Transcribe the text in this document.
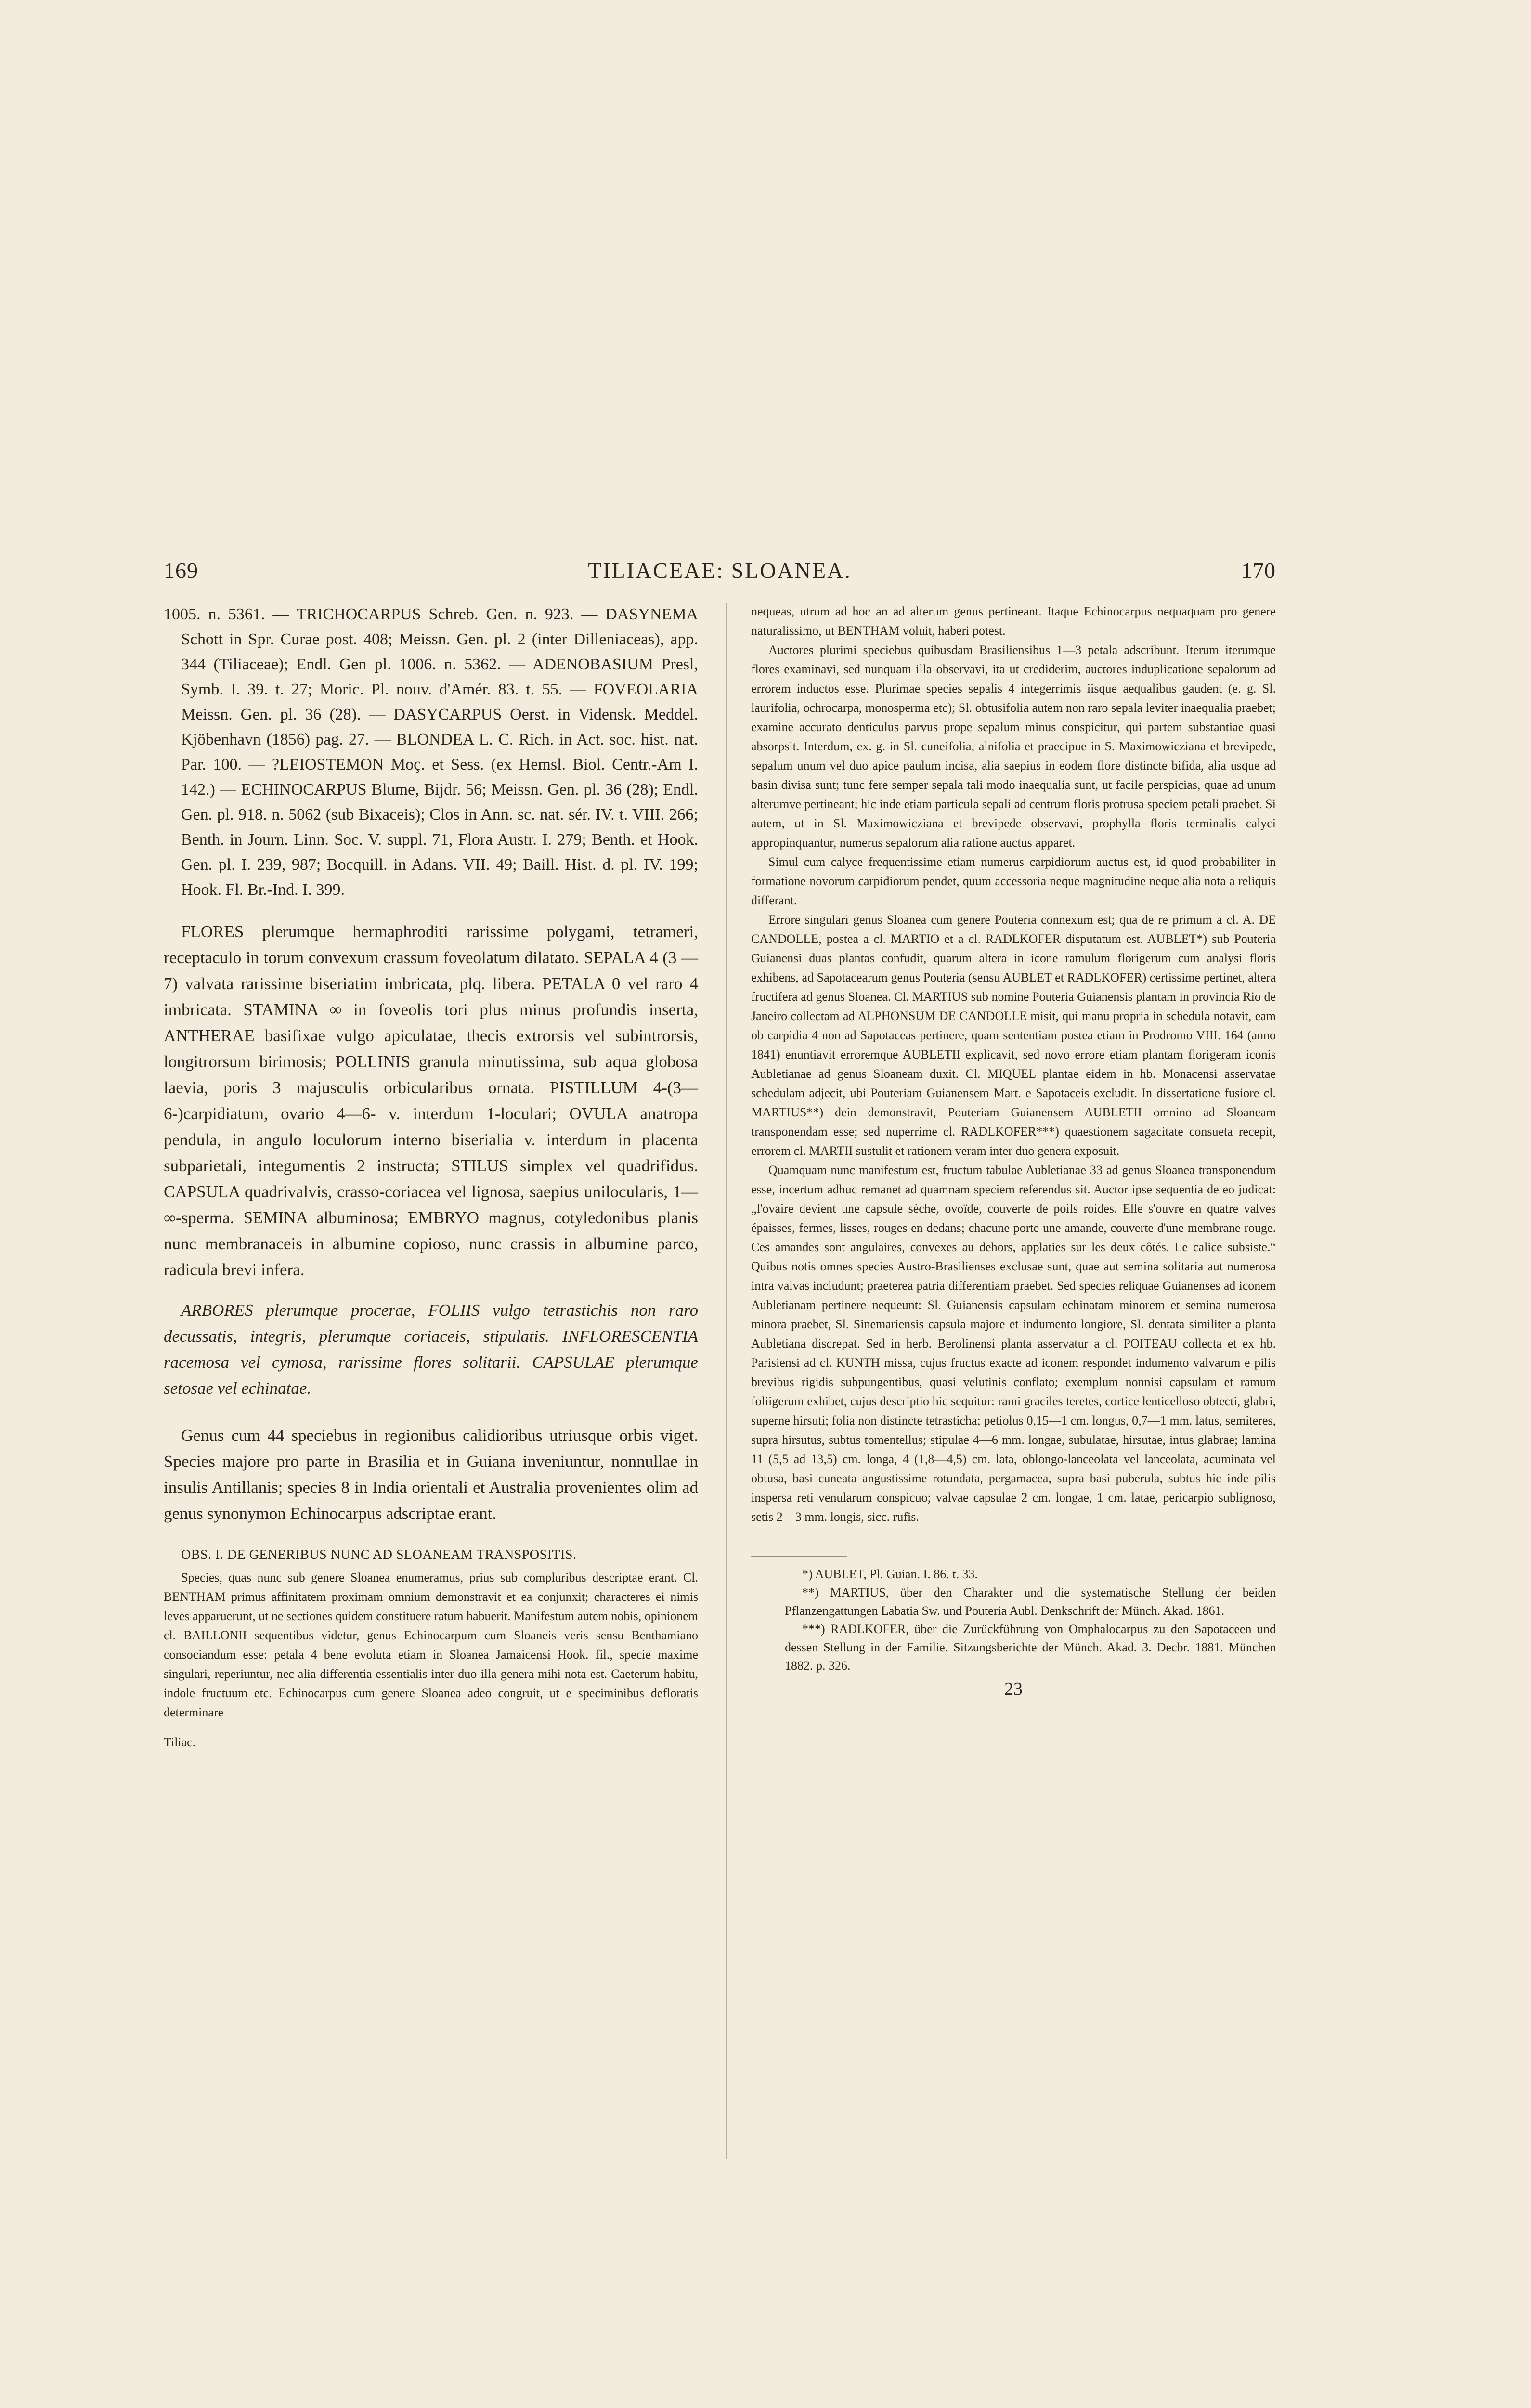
169	TILIACEAE: SLOANEA.	170

1005. n. 5361. — TRICHOCARPUS Schreb. Gen. n. 923. — DASYNEMA Schott in Spr. Curae post. 408; Meissn. Gen. pl. 2 (inter Dilleniaceas), app. 344 (Tiliaceae); Endl. Gen pl. 1006. n. 5362. — ADENOBASIUM Presl, Symb. I. 39. t. 27; Moric. Pl. nouv. d'Amér. 83. t. 55. — FOVEOLARIA Meissn. Gen. pl. 36 (28). — DASYCARPUS Oerst. in Vidensk. Meddel. Kjöbenhavn (1856) pag. 27. — BLONDEA L. C. Rich. in Act. soc. hist. nat. Par. 100. — ?LEIOSTEMON Moç. et Sess. (ex Hemsl. Biol. Centr.-Am I. 142.) — ECHINOCARPUS Blume, Bijdr. 56; Meissn. Gen. pl. 36 (28); Endl. Gen. pl. 918. n. 5062 (sub Bixaceis); Clos in Ann. sc. nat. sér. IV. t. VIII. 266; Benth. in Journ. Linn. Soc. V. suppl. 71, Flora Austr. I. 279; Benth. et Hook. Gen. pl. I. 239, 987; Bocquill. in Adans. VII. 49; Baill. Hist. d. pl. IV. 199; Hook. Fl. Br.-Ind. I. 399.

FLORES plerumque hermaphroditi rarissime polygami, tetrameri, receptaculo in torum convexum crassum foveolatum dilatato. SEPALA 4 (3 — 7) valvata rarissime biseriatim imbricata, plq. libera. PETALA 0 vel raro 4 imbricata. STAMINA ∞ in foveolis tori plus minus profundis inserta, ANTHERAE basifixae vulgo apiculatae, thecis extrorsis vel subintrorsis, longitrorsum birimosis; POLLINIS granula minutissima, sub aqua globosa laevia, poris 3 majusculis orbicularibus ornata. PISTILLUM 4-(3—6-)carpidiatum, ovario 4—6- v. interdum 1-loculari; OVULA anatropa pendula, in angulo loculorum interno biserialia v. interdum in placenta subparietali, integumentis 2 instructa; STILUS simplex vel quadrifidus. CAPSULA quadrivalvis, crasso-coriacea vel lignosa, saepius unilocularis, 1—∞-sperma. SEMINA albuminosa; EMBRYO magnus, cotyledonibus planis nunc membranaceis in albumine copioso, nunc crassis in albumine parco, radicula brevi infera.

ARBORES plerumque procerae, FOLIIS vulgo tetrastichis non raro decussatis, integris, plerumque coriaceis, stipulatis. INFLORESCENTIA racemosa vel cymosa, rarissime flores solitarii. CAPSULAE plerumque setosae vel echinatae.

Genus cum 44 speciebus in regionibus calidioribus utriusque orbis viget. Species majore pro parte in Brasilia et in Guiana inveniuntur, nonnullae in insulis Antillanis; species 8 in India orientali et Australia provenientes olim ad genus synonymon Echinocarpus adscriptae erant.

OBS. I. DE GENERIBUS NUNC AD SLOANEAM TRANSPOSITIS.

Species, quas nunc sub genere Sloanea enumeramus, prius sub compluribus descriptae erant. Cl. BENTHAM primus affinitatem proximam omnium demonstravit et ea conjunxit; characteres ei nimis leves apparuerunt, ut ne sectiones quidem constituere ratum habuerit. Manifestum autem nobis, opinionem cl. BAILLONII sequentibus videtur, genus Echinocarpum cum Sloaneis veris sensu Benthamiano consociandum esse: petala 4 bene evoluta etiam in Sloanea Jamaicensi Hook. fil., specie maxime singulari, reperiuntur, nec alia differentia essentialis inter duo illa genera mihi nota est. Caeterum habitu, indole fructuum etc. Echinocarpus cum genere Sloanea adeo congruit, ut e speciminibus defloratis determinare

Tiliac.

nequeas, utrum ad hoc an ad alterum genus pertineant. Itaque Echinocarpus nequaquam pro genere naturalissimo, ut BENTHAM voluit, haberi potest.

Auctores plurimi speciebus quibusdam Brasiliensibus 1—3 petala adscribunt. Iterum iterumque flores examinavi, sed nunquam illa observavi, ita ut crediderim, auctores induplicatione sepalorum ad errorem inductos esse. Plurimae species sepalis 4 integerrimis iisque aequalibus gaudent (e. g. Sl. laurifolia, ochrocarpa, monosperma etc); Sl. obtusifolia autem non raro sepala leviter inaequalia praebet; examine accurato denticulus parvus prope sepalum minus conspicitur, qui partem substantiae quasi absorpsit. Interdum, ex. g. in Sl. cuneifolia, alnifolia et praecipue in S. Maximowicziana et brevipede, sepalum unum vel duo apice paulum incisa, alia saepius in eodem flore distincte bifida, alia usque ad basin divisa sunt; tunc fere semper sepala tali modo inaequalia sunt, ut facile perspicias, quae ad unum alterumve pertineant; hic inde etiam particula sepali ad centrum floris protrusa speciem petali praebet. Si autem, ut in Sl. Maximowicziana et brevipede observavi, prophylla floris terminalis calyci appropinquantur, numerus sepalorum alia ratione auctus apparet.

Simul cum calyce frequentissime etiam numerus carpidiorum auctus est, id quod probabiliter in formatione novorum carpidiorum pendet, quum accessoria neque magnitudine neque alia nota a reliquis differant.

Errore singulari genus Sloanea cum genere Pouteria connexum est; qua de re primum a cl. A. DE CANDOLLE, postea a cl. MARTIO et a cl. RADLKOFER disputatum est. AUBLET*) sub Pouteria Guianensi duas plantas confudit, quarum altera in icone ramulum florigerum cum analysi floris exhibens, ad Sapotacearum genus Pouteria (sensu AUBLET et RADLKOFER) certissime pertinet, altera fructifera ad genus Sloanea. Cl. MARTIUS sub nomine Pouteria Guianensis plantam in provincia Rio de Janeiro collectam ad ALPHONSUM DE CANDOLLE misit, qui manu propria in schedula notavit, eam ob carpidia 4 non ad Sapotaceas pertinere, quam sententiam postea etiam in Prodromo VIII. 164 (anno 1841) enuntiavit erroremque AUBLETII explicavit, sed novo errore etiam plantam florigeram iconis Aubletianae ad genus Sloaneam duxit. Cl. MIQUEL plantae eidem in hb. Monacensi asservatae schedulam adjecit, ubi Pouteriam Guianensem Mart. e Sapotaceis excludit. In dissertatione fusiore cl. MARTIUS**) dein demonstravit, Pouteriam Guianensem AUBLETII omnino ad Sloaneam transponendam esse; sed nuperrime cl. RADLKOFER***) quaestionem sagacitate consueta recepit, errorem cl. MARTII sustulit et rationem veram inter duo genera exposuit.

Quamquam nunc manifestum est, fructum tabulae Aubletianae 33 ad genus Sloanea transponendum esse, incertum adhuc remanet ad quamnam speciem referendus sit. Auctor ipse sequentia de eo judicat: „l'ovaire devient une capsule sèche, ovoïde, couverte de poils roides. Elle s'ouvre en quatre valves épaisses, fermes, lisses, rouges en dedans; chacune porte une amande, couverte d'une membrane rouge. Ces amandes sont angulaires, convexes au dehors, applaties sur les deux côtés. Le calice subsiste.“ Quibus notis omnes species Austro-Brasilienses exclusae sunt, quae aut semina solitaria aut numerosa intra valvas includunt; praeterea patria differentiam praebet. Sed species reliquae Guianenses ad iconem Aubletianam pertinere nequeunt: Sl. Guianensis capsulam echinatam minorem et semina numerosa minora praebet, Sl. Sinemariensis capsula majore et indumento longiore, Sl. dentata similiter a planta Aubletiana discrepat. Sed in herb. Berolinensi planta asservatur a cl. POITEAU collecta et ex hb. Parisiensi ad cl. KUNTH missa, cujus fructus exacte ad iconem respondet indumento valvarum e pilis brevibus rigidis subpungentibus, quasi velutinis conflato; exemplum nonnisi capsulam et ramum foliigerum exhibet, cujus descriptio hic sequitur: rami graciles teretes, cortice lenticelloso obtecti, glabri, superne hirsuti; folia non distincte tetrasticha; petiolus 0,15—1 cm. longus, 0,7—1 mm. latus, semiteres, supra hirsutus, subtus tomentellus; stipulae 4—6 mm. longae, subulatae, hirsutae, intus glabrae; lamina 11 (5,5 ad 13,5) cm. longa, 4 (1,8—4,5) cm. lata, oblongo-lanceolata vel lanceolata, acuminata vel obtusa, basi cuneata angustissime rotundata, pergamacea, supra basi puberula, subtus hic inde pilis inspersa reti venularum conspicuo; valvae capsulae 2 cm. longae, 1 cm. latae, pericarpio sublignoso, setis 2—3 mm. longis, sicc. rufis.

*) AUBLET, Pl. Guian. I. 86. t. 33.

**) MARTIUS, über den Charakter und die systematische Stellung der beiden Pflanzengattungen Labatia Sw. und Pouteria Aubl. Denkschrift der Münch. Akad. 1861.

***) RADLKOFER, über die Zurückführung von Omphalocarpus zu den Sapotaceen und dessen Stellung in der Familie. Sitzungsberichte der Münch. Akad. 3. Decbr. 1881. München 1882. p. 326.

23
